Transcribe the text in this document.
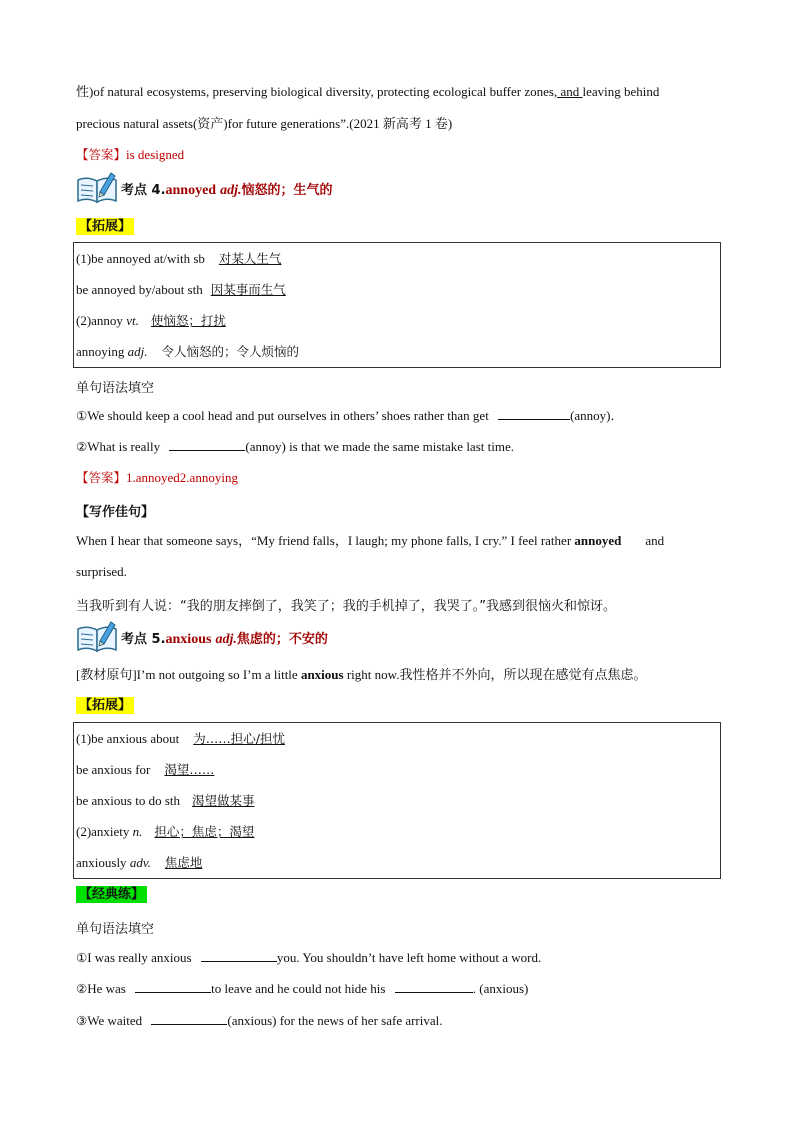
性)of natural ecosystems, preserving biological diversity, protecting ecological buffer zones, and leaving behind
precious natural assets(资产)for future generations”.(2021 新高考 1 卷)
【答案】is designed
考点 4.annoyed adj.恼怒的；生气的
【拓展】
(1)be annoyed at/with sb 对某人生气
be annoyed by/about sth 因某事而生气
(2)annoy vt. 使恼怒；打扰
annoying adj. 令人恼怒的；令人烦恼的
单句语法填空
①We should keep a cool head and put ourselves in others’ shoes rather than get	(annoy)．
②What is really	(annoy) is that we made the same mistake last time.
【答案】1.annoyed2.annoying
【写作佳句】
When I hear that someone says，“My friend falls，I laugh; my phone falls, I cry.” I feel rather annoyed and
surprised.
当我听到有人说：“我的朋友摔倒了，我笑了；我的手机掉了，我哭了。”我感到很恼火和惊讶。
考点 5.anxious adj.焦虑的；不安的
[教材原句]I’m not outgoing so I’m a little anxious right now.我性格并不外向，所以现在感觉有点焦虑。
【拓展】
(1)be anxious about 为……担心/担忧
be anxious for 渴望……
be anxious to do sth 渴望做某事
(2)anxiety n. 担心；焦虑；渴望
anxiously adv. 焦虑地
【经典练】
单句语法填空
①I was really anxious	you. You shouldn’t have left home without a word.
②He was	to leave and he could not hide his	. (anxious)
③We waited	(anxious) for the news of her safe arrival.
